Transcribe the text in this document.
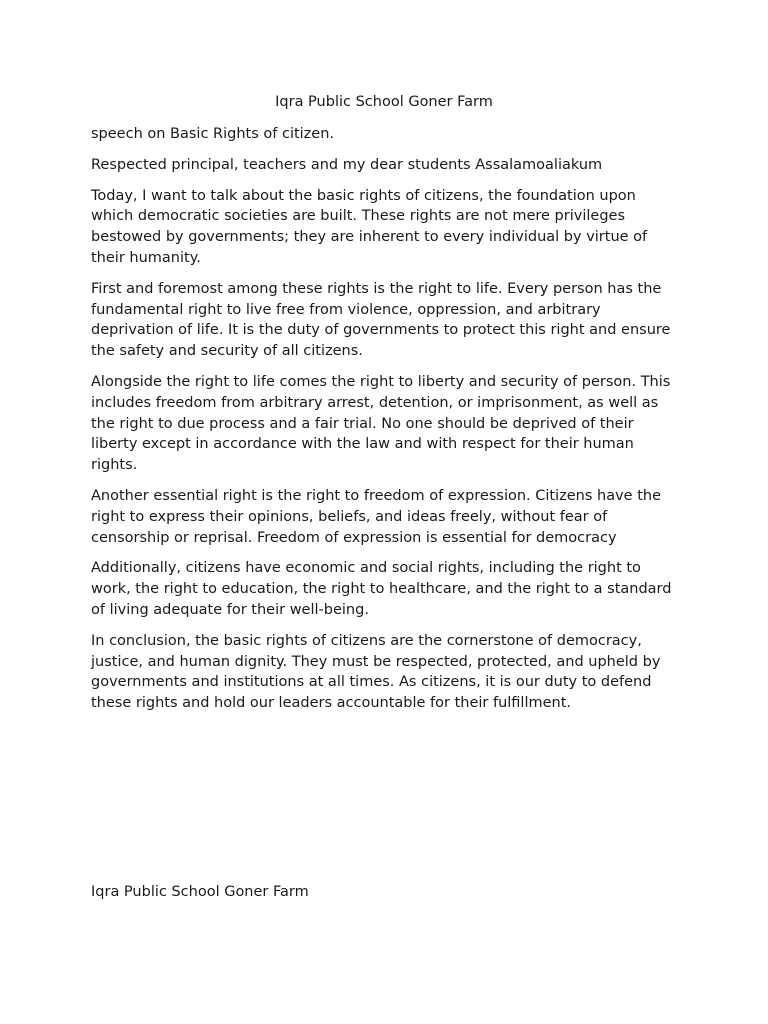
Iqra Public School Goner Farm

speech on Basic Rights of citizen.

Respected principal, teachers and my dear students Assalamoaliakum

Today, I want to talk about the basic rights of citizens, the foundation upon which democratic societies are built. These rights are not mere privileges bestowed by governments; they are inherent to every individual by virtue of their humanity.

First and foremost among these rights is the right to life. Every person has the fundamental right to live free from violence, oppression, and arbitrary deprivation of life. It is the duty of governments to protect this right and ensure the safety and security of all citizens.

Alongside the right to life comes the right to liberty and security of person. This includes freedom from arbitrary arrest, detention, or imprisonment, as well as the right to due process and a fair trial. No one should be deprived of their liberty except in accordance with the law and with respect for their human rights.

Another essential right is the right to freedom of expression. Citizens have the right to express their opinions, beliefs, and ideas freely, without fear of censorship or reprisal. Freedom of expression is essential for democracy

Additionally, citizens have economic and social rights, including the right to work, the right to education, the right to healthcare, and the right to a standard of living adequate for their well-being.

In conclusion, the basic rights of citizens are the cornerstone of democracy, justice, and human dignity. They must be respected, protected, and upheld by governments and institutions at all times. As citizens, it is our duty to defend these rights and hold our leaders accountable for their fulfillment.

Iqra Public School Goner Farm
